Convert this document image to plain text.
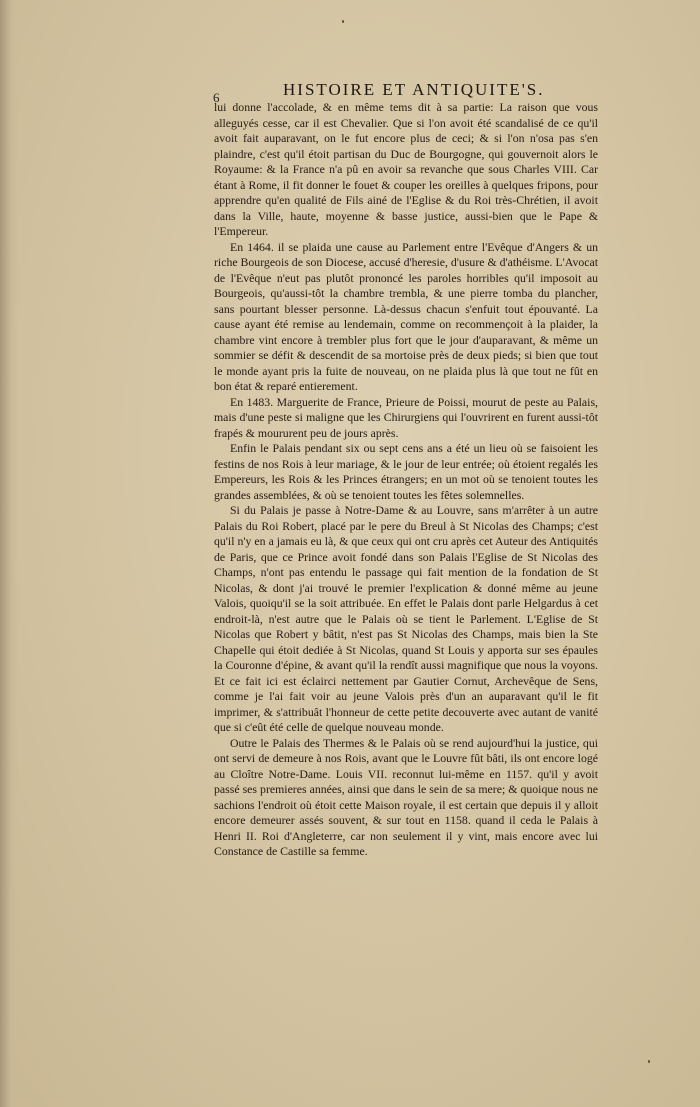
6	HISTOIRE ET ANTIQUITE'S.

lui donne l'accolade, & en même tems dit à sa partie: La raison que vous alleguyés cesse, car il est Chevalier. Que si l'on avoit été scandalisé de ce qu'il avoit fait auparavant, on le fut encore plus de ceci; & si l'on n'osa pas s'en plaindre, c'est qu'il étoit partisan du Duc de Bourgogne, qui gouvernoit alors le Royaume: & la France n'a pû en avoir sa revanche que sous Charles VIII. Car étant à Rome, il fit donner le fouet & couper les oreilles à quelques fripons, pour apprendre qu'en qualité de Fils ainé de l'Eglise & du Roi très-Chrétien, il avoit dans la Ville, haute, moyenne & basse justice, aussi-bien que le Pape & l'Empereur.

En 1464. il se plaida une cause au Parlement entre l'Evêque d'Angers & un riche Bourgeois de son Diocese, accusé d'heresie, d'usure & d'athéisme. L'Avocat de l'Evêque n'eut pas plutôt prononcé les paroles horribles qu'il imposoit au Bourgeois, qu'aussi-tôt la chambre trembla, & une pierre tomba du plancher, sans pourtant blesser personne. Là-dessus chacun s'enfuit tout épouvanté. La cause ayant été remise au lendemain, comme on recommençoit à la plaider, la chambre vint encore à trembler plus fort que le jour d'auparavant, & même un sommier se défit & descendit de sa mortoise près de deux pieds; si bien que tout le monde ayant pris la fuite de nouveau, on ne plaida plus là que tout ne fût en bon état & reparé entierement.

En 1483. Marguerite de France, Prieure de Poissi, mourut de peste au Palais, mais d'une peste si maligne que les Chirurgiens qui l'ouvrirent en furent aussi-tôt frapés & moururent peu de jours après.

Enfin le Palais pendant six ou sept cens ans a été un lieu où se faisoient les festins de nos Rois à leur mariage, & le jour de leur entrée; où étoient regalés les Empereurs, les Rois & les Princes étrangers; en un mot où se tenoient toutes les grandes assemblées, & où se tenoient toutes les fêtes solemnelles.

Si du Palais je passe à Notre-Dame & au Louvre, sans m'arrêter à un autre Palais du Roi Robert, placé par le pere du Breul à St Nicolas des Champs; c'est qu'il n'y en a jamais eu là, & que ceux qui ont cru après cet Auteur des Antiquités de Paris, que ce Prince avoit fondé dans son Palais l'Eglise de St Nicolas des Champs, n'ont pas entendu le passage qui fait mention de la fondation de St Nicolas, & dont j'ai trouvé le premier l'explication & donné même au jeune Valois, quoiqu'il se la soit attribuée. En effet le Palais dont parle Helgardus à cet endroit-là, n'est autre que le Palais où se tient le Parlement. L'Eglise de St Nicolas que Robert y bâtit, n'est pas St Nicolas des Champs, mais bien la Ste Chapelle qui étoit dediée à St Nicolas, quand St Louis y apporta sur ses épaules la Couronne d'épine, & avant qu'il la rendît aussi magnifique que nous la voyons. Et ce fait ici est éclairci nettement par Gautier Cornut, Archevêque de Sens, comme je l'ai fait voir au jeune Valois près d'un an auparavant qu'il le fit imprimer, & s'attribuât l'honneur de cette petite decouverte avec autant de vanité que si c'eût été celle de quelque nouveau monde.

Outre le Palais des Thermes & le Palais où se rend aujourd'hui la justice, qui ont servi de demeure à nos Rois, avant que le Louvre fût bâti, ils ont encore logé au Cloître Notre-Dame. Louis VII. reconnut lui-même en 1157. qu'il y avoit passé ses premieres années, ainsi que dans le sein de sa mere; & quoique nous ne sachions l'endroit où étoit cette Maison royale, il est certain que depuis il y alloit encore demeurer assés souvent, & sur tout en 1158. quand il ceda le Palais à Henri II. Roi d'Angleterre, car non seulement il y vint, mais encore avec lui Constance de Castille sa femme.
